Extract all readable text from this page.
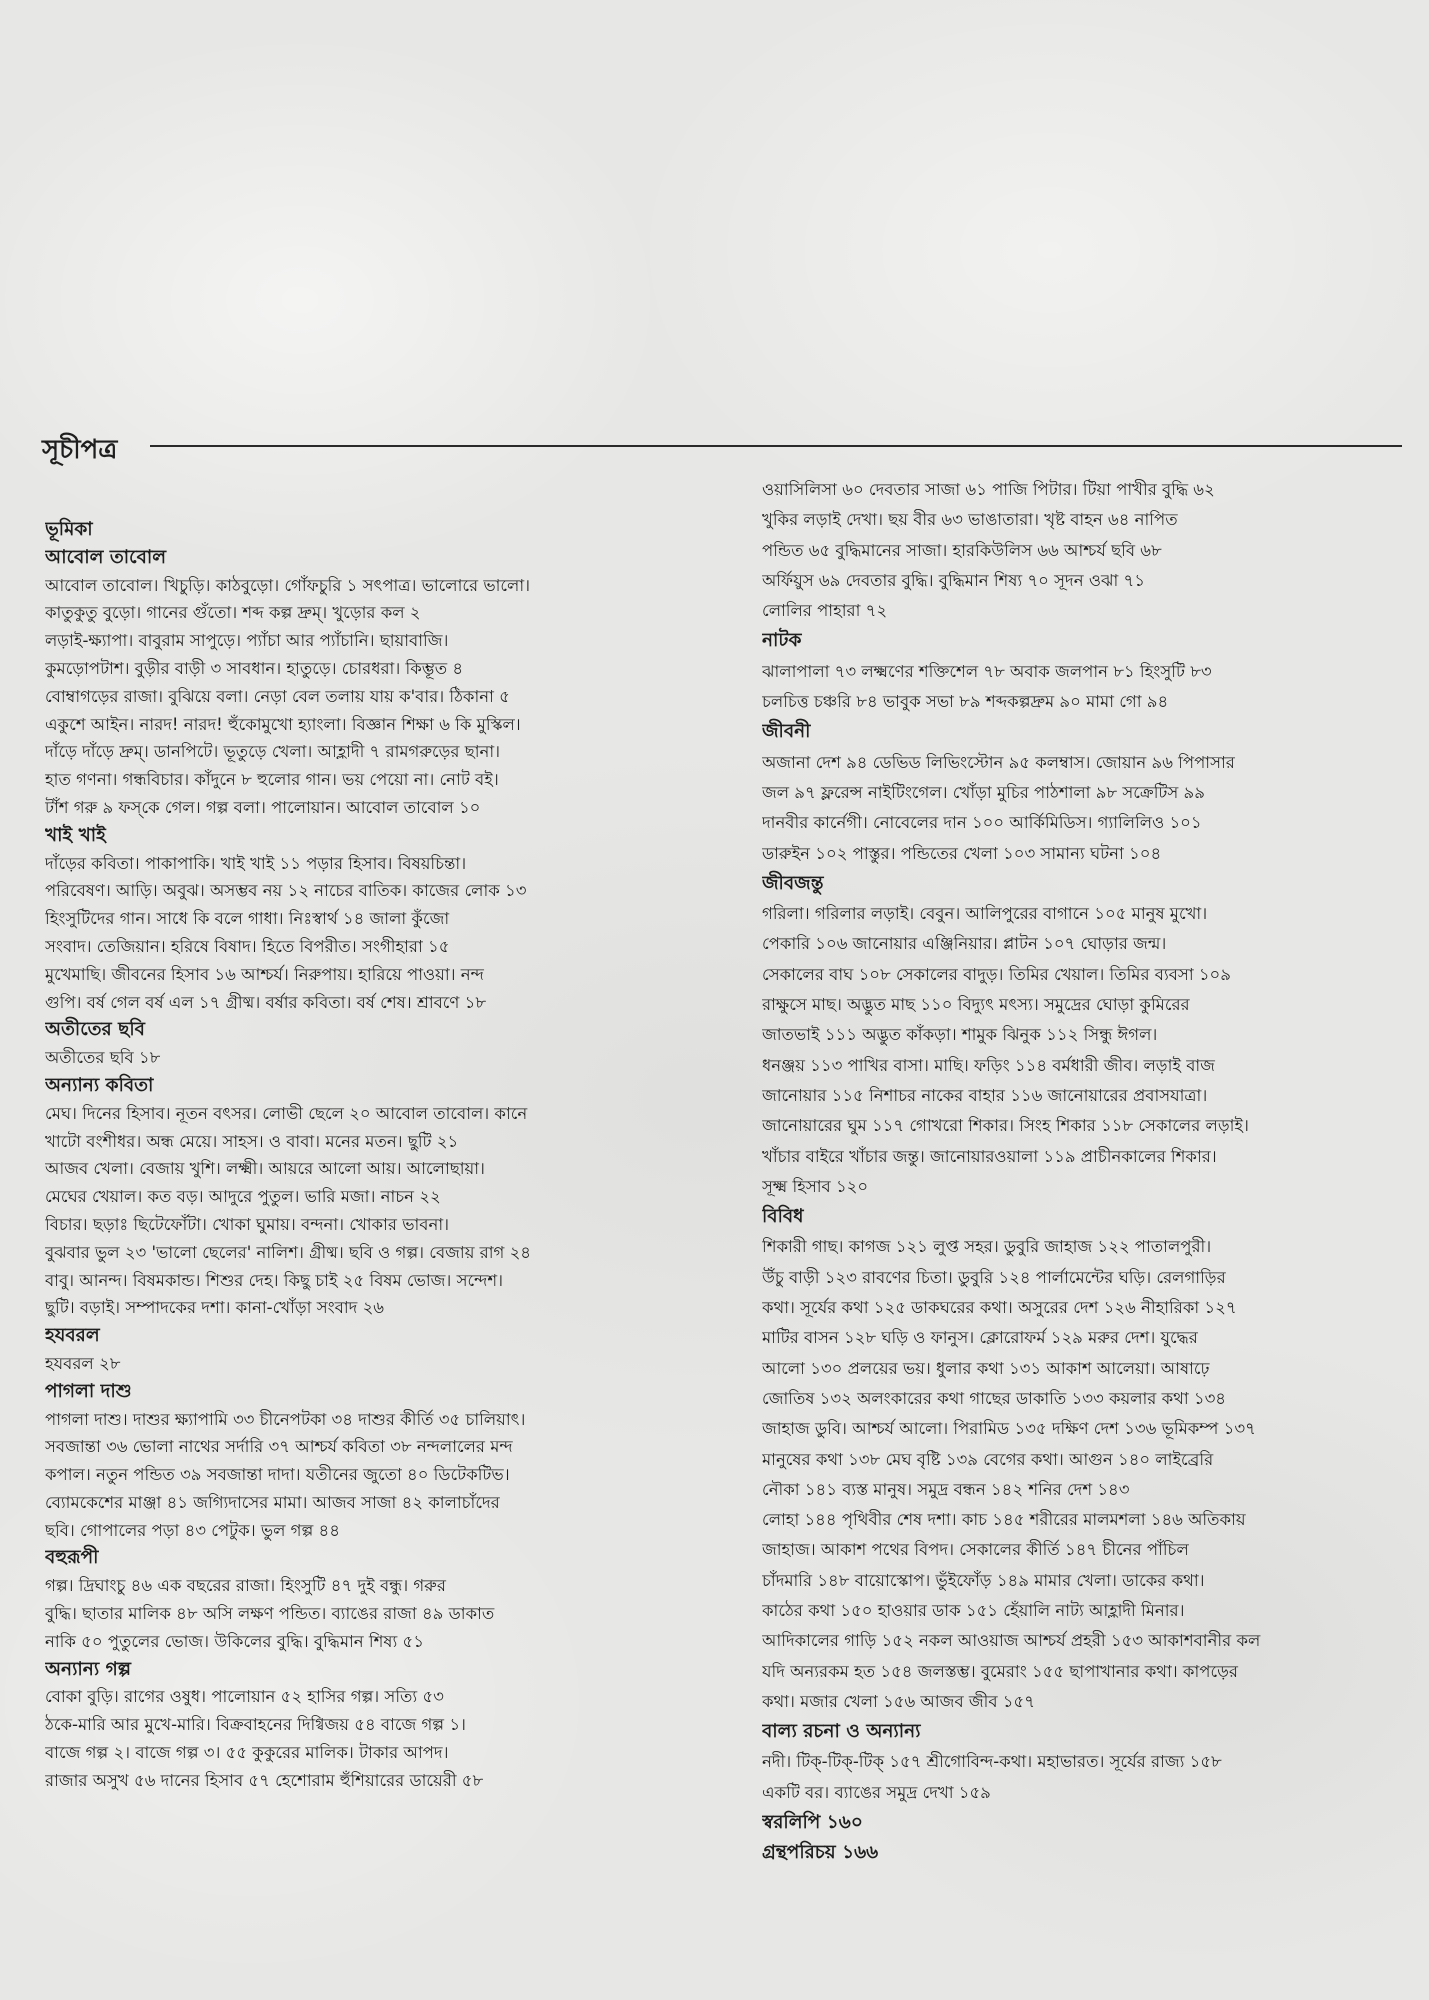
সূচীপত্র
ভূমিকা
আবোল তাবোল
আবোল তাবোল। খিচুড়ি। কাঠবুড়ো। গোঁফচুরি ১ সৎপাত্র। ভালোরে ভালো।
কাতুকুতু বুড়ো। গানের গুঁতো। শব্দ কল্প দ্রুম্। খুড়োর কল ২
লড়াই-ক্ষ্যাপা। বাবুরাম সাপুড়ে। প্যাঁচা আর প্যাঁচানি। ছায়াবাজি।
কুমড়োপটাশ। বুড়ীর বাড়ী ৩ সাবধান। হাতুড়ে। চোরধরা। কিম্ভূত ৪
বোম্বাগড়ের রাজা। বুঝিয়ে বলা। নেড়া বেল তলায় যায় ক'বার। ঠিকানা ৫
একুশে আইন। নারদ! নারদ! হুঁকোমুখো হ্যাংলা। বিজ্ঞান শিক্ষা ৬ কি মুস্কিল।
দাঁড়ে দাঁড়ে দ্রুম্। ডানপিটে। ভূতুড়ে খেলা। আহ্লাদী ৭ রামগরুড়ের ছানা।
হাত গণনা। গন্ধবিচার। কাঁদুনে ৮ হুলোর গান। ভয় পেয়ো না। নোট বই।
টাঁশ গরু ৯ ফস্‌কে গেল। গল্প বলা। পালোয়ান। আবোল তাবোল ১০
খাই খাই
দাঁড়ের কবিতা। পাকাপাকি। খাই খাই ১১ পড়ার হিসাব। বিষয়চিন্তা।
পরিবেষণ। আড়ি। অবুঝ। অসম্ভব নয় ১২ নাচের বাতিক। কাজের লোক ১৩
হিংসুটিদের গান। সাধে কি বলে গাধা। নিঃস্বার্থ ১৪ জালা কুঁজো
সংবাদ। তেজিয়ান। হরিষে বিষাদ। হিতে বিপরীত। সংগীহারা ১৫
মুখেমাছি। জীবনের হিসাব ১৬ আশ্চর্য। নিরুপায়। হারিয়ে পাওয়া। নন্দ
গুপি। বর্ষ গেল বর্ষ এল ১৭ গ্রীষ্ম। বর্ষার কবিতা। বর্ষ শেষ। শ্রাবণে ১৮
অতীতের ছবি
অতীতের ছবি ১৮
অন্যান্য কবিতা
মেঘ। দিনের হিসাব। নূতন বৎসর। লোভী ছেলে ২০ আবোল তাবোল। কানে
খাটো বংশীধর। অন্ধ মেয়ে। সাহস। ও বাবা। মনের মতন। ছুটি ২১
আজব খেলা। বেজায় খুশি। লক্ষ্মী। আয়রে আলো আয়। আলোছায়া।
মেঘের খেয়াল। কত বড়। আদুরে পুতুল। ভারি মজা। নাচন ২২
বিচার। ছড়াঃ ছিটেফোঁটা। খোকা ঘুমায়। বন্দনা। খোকার ভাবনা।
বুঝবার ভুল ২৩ 'ভালো ছেলের' নালিশ। গ্রীষ্ম। ছবি ও গল্প। বেজায় রাগ ২৪
বাবু। আনন্দ। বিষমকান্ড। শিশুর দেহ। কিছু চাই ২৫ বিষম ভোজ। সন্দেশ।
ছুটি। বড়াই। সম্পাদকের দশা। কানা-খোঁড়া সংবাদ ২৬
হযবরল
হযবরল ২৮
পাগলা দাশু
পাগলা দাশু। দাশুর ক্ষ্যাপামি ৩৩ চীনেপটকা ৩৪ দাশুর কীর্তি ৩৫ চালিয়াৎ।
সবজান্তা ৩৬ ভোলা নাথের সর্দারি ৩৭ আশ্চর্য কবিতা ৩৮ নন্দলালের মন্দ
কপাল। নতুন পন্ডিত ৩৯ সবজান্তা দাদা। যতীনের জুতো ৪০ ডিটেকটিভ।
ব্যোমকেশের মাঞ্জা ৪১ জগ্যিদাসের মামা। আজব সাজা ৪২ কালাচাঁদের
ছবি। গোপালের পড়া ৪৩ পেটুক। ভুল গল্প ৪৪
বহুরূপী
গল্প। দ্রিঘাংচু ৪৬ এক বছরের রাজা। হিংসুটি ৪৭ দুই বন্ধু। গরুর
বুদ্ধি। ছাতার মালিক ৪৮ অসি লক্ষণ পন্ডিত। ব্যাঙের রাজা ৪৯ ডাকাত
নাকি ৫০ পুতুলের ভোজ। উকিলের বুদ্ধি। বুদ্ধিমান শিষ্য ৫১
অন্যান্য গল্প
বোকা বুড়ি। রাগের ওষুধ। পালোয়ান ৫২ হাসির গল্প। সত্যি ৫৩
ঠকে-মারি আর মুখে-মারি। বিক্রবাহনের দিগ্বিজয় ৫৪ বাজে গল্প ১।
বাজে গল্প ২। বাজে গল্প ৩। ৫৫ কুকুরের মালিক। টাকার আপদ।
রাজার অসুখ ৫৬ দানের হিসাব ৫৭ হেশোরাম হুঁশিয়ারের ডায়েরী ৫৮
ওয়াসিলিসা ৬০ দেবতার সাজা ৬১ পাজি পিটার। টিয়া পাখীর বুদ্ধি ৬২
খুকির লড়াই দেখা। ছয় বীর ৬৩ ভাঙাতারা। খৃষ্ট বাহন ৬৪ নাপিত
পন্ডিত ৬৫ বুদ্ধিমানের সাজা। হারকিউলিস ৬৬ আশ্চর্য ছবি ৬৮
অর্ফিয়ুস ৬৯ দেবতার বুদ্ধি। বুদ্ধিমান শিষ্য ৭০ সূদন ওঝা ৭১
লোলির পাহারা ৭২
নাটক
ঝালাপালা ৭৩ লক্ষ্মণের শক্তিশেল ৭৮ অবাক জলপান ৮১ হিংসুটি ৮৩
চলচিত্ত চঞ্চরি ৮৪ ভাবুক সভা ৮৯ শব্দকল্পদ্রুম ৯০ মামা গো ৯৪
জীবনী
অজানা দেশ ৯৪ ডেভিড লিভিংস্টোন ৯৫ কলম্বাস। জোয়ান ৯৬ পিপাসার
জল ৯৭ ফ্লরেন্স নাইটিংগেল। খোঁড়া মুচির পাঠশালা ৯৮ সক্রেটিস ৯৯
দানবীর কার্নেগী। নোবেলের দান ১০০ আর্কিমিডিস। গ্যালিলিও ১০১
ডারুইন ১০২ পাস্তুর। পন্ডিতের খেলা ১০৩ সামান্য ঘটনা ১০৪
জীবজন্তু
গরিলা। গরিলার লড়াই। বেবুন। আলিপুরের বাগানে ১০৫ মানুষ মুখো।
পেকারি ১০৬ জানোয়ার এঞ্জিনিয়ার। প্লাটন ১০৭ ঘোড়ার জন্ম।
সেকালের বাঘ ১০৮ সেকালের বাদুড়। তিমির খেয়াল। তিমির ব্যবসা ১০৯
রাক্ষুসে মাছ। অদ্ভুত মাছ ১১০ বিদ্যুৎ মৎস্য। সমুদ্রের ঘোড়া কুমিরের
জাতভাই ১১১ অদ্ভুত কাঁকড়া। শামুক ঝিনুক ১১২ সিন্ধু ঈগল।
ধনঞ্জয় ১১৩ পাখির বাসা। মাছি। ফড়িং ১১৪ বর্মধারী জীব। লড়াই বাজ
জানোয়ার ১১৫ নিশাচর নাকের বাহার ১১৬ জানোয়ারের প্রবাসযাত্রা।
জানোয়ারের ঘুম ১১৭ গোখরো শিকার। সিংহ শিকার ১১৮ সেকালের লড়াই।
খাঁচার বাইরে খাঁচার জন্তু। জানোয়ারওয়ালা ১১৯ প্রাচীনকালের শিকার।
সূক্ষ্ম হিসাব ১২০
বিবিধ
শিকারী গাছ। কাগজ ১২১ লুপ্ত সহর। ডুবুরি জাহাজ ১২২ পাতালপুরী।
উঁচু বাড়ী ১২৩ রাবণের চিতা। ডুবুরি ১২৪ পার্লামেন্টের ঘড়ি। রেলগাড়ির
কথা। সূর্যের কথা ১২৫ ডাকঘরের কথা। অসুরের দেশ ১২৬ নীহারিকা ১২৭
মাটির বাসন ১২৮ ঘড়ি ও ফানুস। ক্লোরোফর্ম ১২৯ মরুর দেশ। যুদ্ধের
আলো ১৩০ প্রলয়ের ভয়। ধুলার কথা ১৩১ আকাশ আলেয়া। আষাঢ়ে
জোতিষ ১৩২ অলংকারের কথা গাছের ডাকাতি ১৩৩ কয়লার কথা ১৩৪
জাহাজ ডুবি। আশ্চর্য আলো। পিরামিড ১৩৫ দক্ষিণ দেশ ১৩৬ ভূমিকম্প ১৩৭
মানুষের কথা ১৩৮ মেঘ বৃষ্টি ১৩৯ বেগের কথা। আগুন ১৪০ লাইব্রেরি
নৌকা ১৪১ ব্যস্ত মানুষ। সমুদ্র বন্ধন ১৪২ শনির দেশ ১৪৩
লোহা ১৪৪ পৃথিবীর শেষ দশা। কাচ ১৪৫ শরীরের মালমশলা ১৪৬ অতিকায়
জাহাজ। আকাশ পথের বিপদ। সেকালের কীর্তি ১৪৭ চীনের পাঁচিল
চাঁদমারি ১৪৮ বায়োস্কোপ। ভুঁইফোঁড় ১৪৯ মামার খেলা। ডাকের কথা।
কাঠের কথা ১৫০ হাওয়ার ডাক ১৫১ হেঁয়ালি নাট্য আহ্লাদী মিনার।
আদিকালের গাড়ি ১৫২ নকল আওয়াজ আশ্চর্য প্রহরী ১৫৩ আকাশবানীর কল
যদি অন্যরকম হত ১৫৪ জলস্তম্ভ। বুমেরাং ১৫৫ ছাপাখানার কথা। কাপড়ের
কথা। মজার খেলা ১৫৬ আজব জীব ১৫৭
বাল্য রচনা ও অন্যান্য
নদী। টিক্-টিক্-টিক্ ১৫৭ শ্রীগোবিন্দ-কথা। মহাভারত। সূর্যের রাজ্য ১৫৮
একটি বর। ব্যাঙের সমুদ্র দেখা ১৫৯
স্বরলিপি ১৬০
গ্রন্থপরিচয় ১৬৬
